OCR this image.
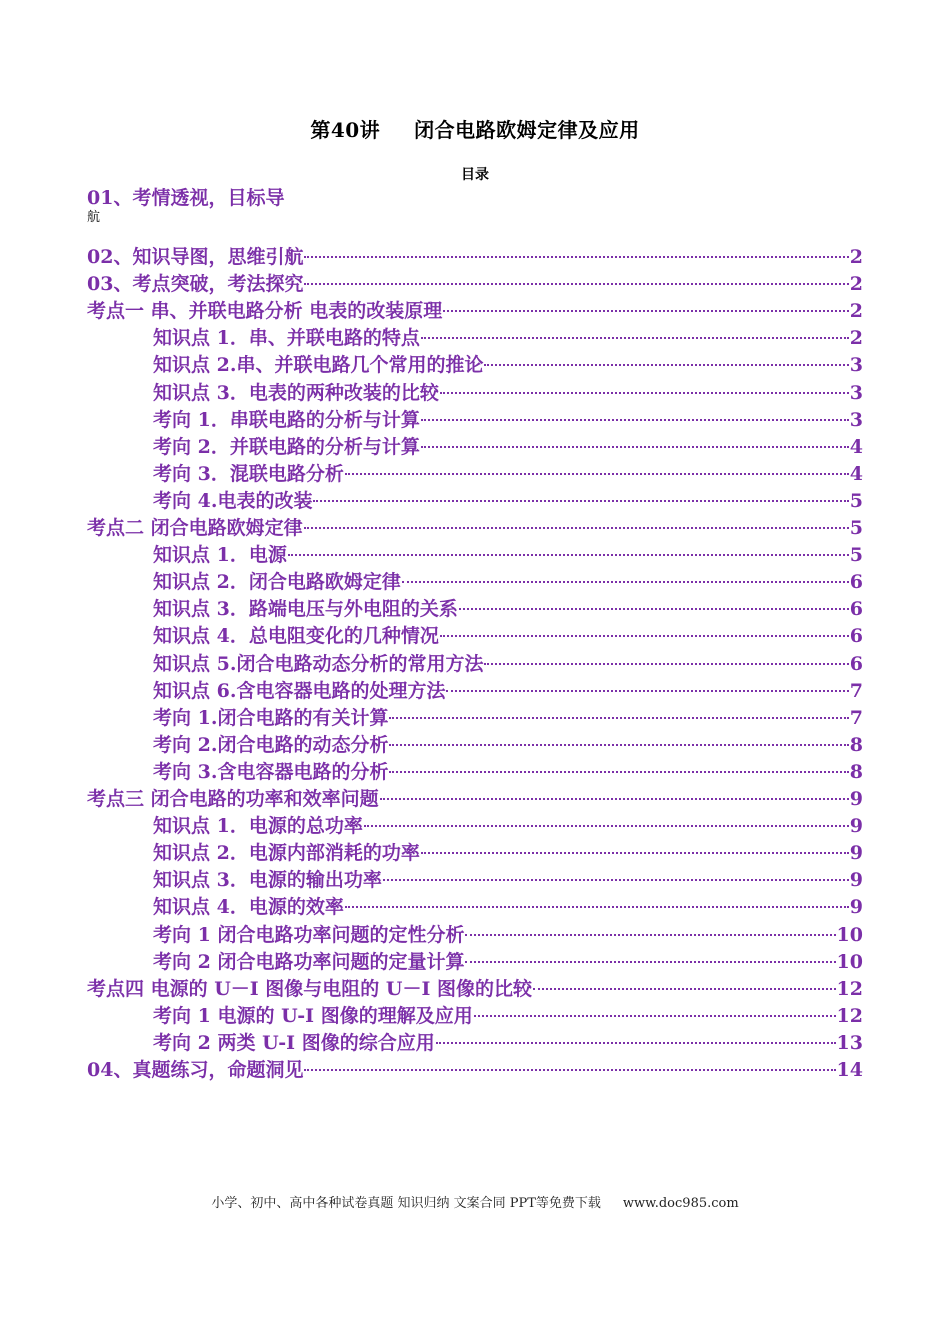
第40讲 闭合电路欧姆定律及应用
目录
01、考情透视，目标导
航
02、知识导图，思维引航	2
03、考点突破，考法探究	2
考点一 串、并联电路分析 电表的改装原理	2
知识点 1．串、并联电路的特点	2
知识点 2.串、并联电路几个常用的推论	3
知识点 3．电表的两种改装的比较	3
考向 1．串联电路的分析与计算	3
考向 2．并联电路的分析与计算	4
考向 3．混联电路分析	4
考向 4.电表的改装	5
考点二 闭合电路欧姆定律	5
知识点 1．电源	5
知识点 2．闭合电路欧姆定律	6
知识点 3．路端电压与外电阻的关系	6
知识点 4．总电阻变化的几种情况	6
知识点 5.闭合电路动态分析的常用方法	6
知识点 6.含电容器电路的处理方法	7
考向 1.闭合电路的有关计算	7
考向 2.闭合电路的动态分析	8
考向 3.含电容器电路的分析	8
考点三 闭合电路的功率和效率问题	9
知识点 1．电源的总功率	9
知识点 2．电源内部消耗的功率	9
知识点 3．电源的输出功率	9
知识点 4．电源的效率	9
考向 1 闭合电路功率问题的定性分析	10
考向 2 闭合电路功率问题的定量计算	10
考点四 电源的 U－I 图像与电阻的 U－I 图像的比较	12
考向 1 电源的 U-I 图像的理解及应用	12
考向 2 两类 U-I 图像的综合应用	13
04、真题练习，命题洞见	14
小学、初中、高中各种试卷真题 知识归纳 文案合同 PPT等免费下载 www.doc985.com
